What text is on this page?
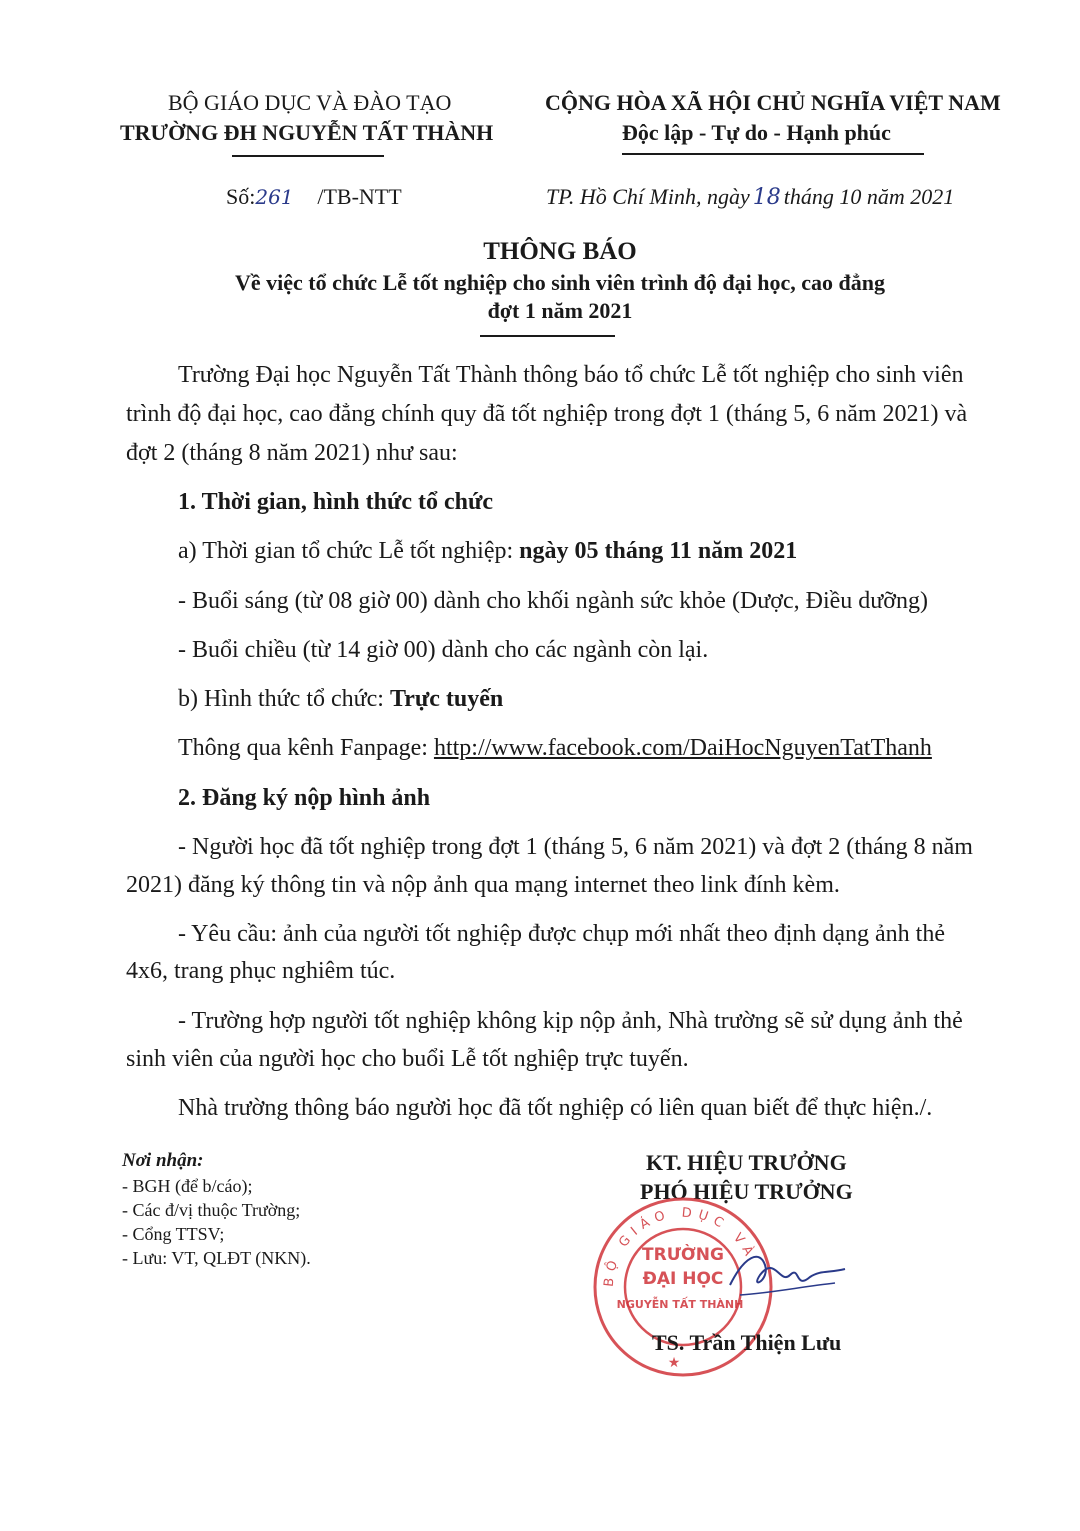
BỘ GIÁO DỤC VÀ ĐÀO TẠO
TRƯỜNG ĐH NGUYỄN TẤT THÀNH
CỘNG HÒA XÃ HỘI CHỦ NGHĨA VIỆT NAM
Độc lập - Tự do - Hạnh phúc
Số:261 /TB-NTT	TP. Hồ Chí Minh, ngày 18 tháng 10 năm 2021
THÔNG BÁO
Về việc tổ chức Lễ tốt nghiệp cho sinh viên trình độ đại học, cao đẳng
đợt 1 năm 2021
Trường Đại học Nguyễn Tất Thành thông báo tổ chức Lễ tốt nghiệp cho sinh viên
trình độ đại học, cao đẳng chính quy đã tốt nghiệp trong đợt 1 (tháng 5, 6 năm 2021) và
đợt 2 (tháng 8 năm 2021) như sau:
1. Thời gian, hình thức tổ chức
a) Thời gian tổ chức Lễ tốt nghiệp: ngày 05 tháng 11 năm 2021
- Buổi sáng (từ 08 giờ 00) dành cho khối ngành sức khỏe (Dược, Điều dưỡng)
- Buổi chiều (từ 14 giờ 00) dành cho các ngành còn lại.
b) Hình thức tổ chức: Trực tuyến
Thông qua kênh Fanpage: http://www.facebook.com/DaiHocNguyenTatThanh
2. Đăng ký nộp hình ảnh
- Người học đã tốt nghiệp trong đợt 1 (tháng 5, 6 năm 2021) và đợt 2 (tháng 8 năm
2021) đăng ký thông tin và nộp ảnh qua mạng internet theo link đính kèm.
- Yêu cầu: ảnh của người tốt nghiệp được chụp mới nhất theo định dạng ảnh thẻ
4x6, trang phục nghiêm túc.
- Trường hợp người tốt nghiệp không kịp nộp ảnh, Nhà trường sẽ sử dụng ảnh thẻ
sinh viên của người học cho buổi Lễ tốt nghiệp trực tuyến.
Nhà trường thông báo người học đã tốt nghiệp có liên quan biết để thực hiện./.
Nơi nhận:
- BGH (để b/cáo);
- Các đ/vị thuộc Trường;
- Cổng TTSV;
- Lưu: VT, QLĐT (NKN).
KT. HIỆU TRƯỞNG
PHÓ HIỆU TRƯỞNG
BỘ GIÁO DỤC VÀ
TRƯỜNG
ĐẠI HỌC
NGUYỄN TẤT THÀNH
★
TS. Trần Thiện Lưu
